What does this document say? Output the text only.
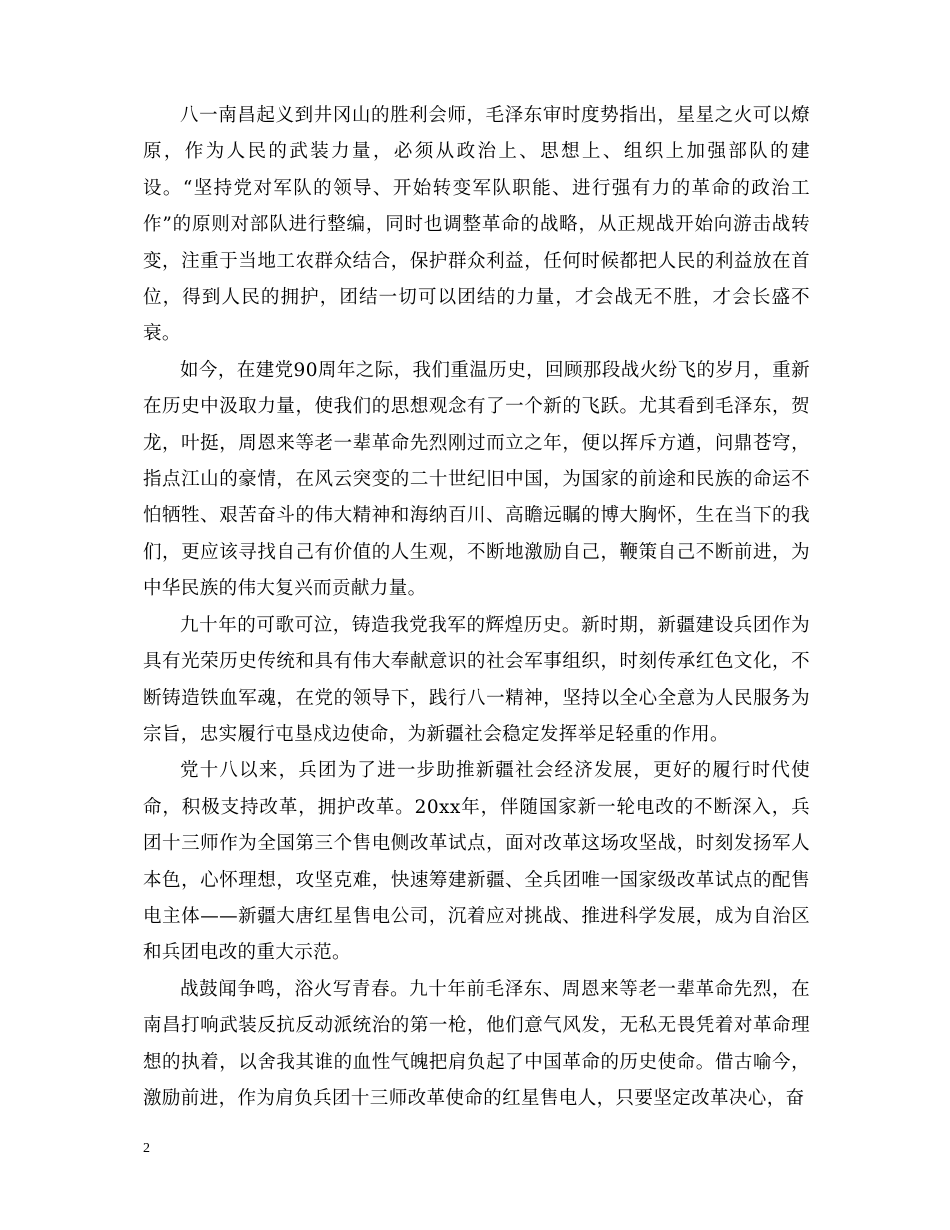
八一南昌起义到井冈山的胜利会师，毛泽东审时度势指出，星星之火可以燎原，作为人民的武装力量，必须从政治上、思想上、组织上加强部队的建设。“坚持党对军队的领导、开始转变军队职能、进行强有力的革命的政治工作”的原则对部队进行整编，同时也调整革命的战略，从正规战开始向游击战转变，注重于当地工农群众结合，保护群众利益，任何时候都把人民的利益放在首位，得到人民的拥护，团结一切可以团结的力量，才会战无不胜，才会长盛不衰。

如今，在建党90周年之际，我们重温历史，回顾那段战火纷飞的岁月，重新在历史中汲取力量，使我们的思想观念有了一个新的飞跃。尤其看到毛泽东，贺龙，叶挺，周恩来等老一辈革命先烈刚过而立之年，便以挥斥方遒，问鼎苍穹，指点江山的豪情，在风云突变的二十世纪旧中国，为国家的前途和民族的命运不怕牺牲、艰苦奋斗的伟大精神和海纳百川、高瞻远瞩的博大胸怀，生在当下的我们，更应该寻找自己有价值的人生观，不断地激励自己，鞭策自己不断前进，为中华民族的伟大复兴而贡献力量。

九十年的可歌可泣，铸造我党我军的辉煌历史。新时期，新疆建设兵团作为具有光荣历史传统和具有伟大奉献意识的社会军事组织，时刻传承红色文化，不断铸造铁血军魂，在党的领导下，践行八一精神，坚持以全心全意为人民服务为宗旨，忠实履行屯垦戍边使命，为新疆社会稳定发挥举足轻重的作用。

党十八以来，兵团为了进一步助推新疆社会经济发展，更好的履行时代使命，积极支持改革，拥护改革。20xx年，伴随国家新一轮电改的不断深入，兵团十三师作为全国第三个售电侧改革试点，面对改革这场攻坚战，时刻发扬军人本色，心怀理想，攻坚克难，快速筹建新疆、全兵团唯一国家级改革试点的配售电主体——新疆大唐红星售电公司，沉着应对挑战、推进科学发展，成为自治区和兵团电改的重大示范。

战鼓闻争鸣，浴火写青春。九十年前毛泽东、周恩来等老一辈革命先烈，在南昌打响武装反抗反动派统治的第一枪，他们意气风发，无私无畏凭着对革命理想的执着，以舍我其谁的血性气魄把肩负起了中国革命的历史使命。借古喻今，激励前进，作为肩负兵团十三师改革使命的红星售电人，只要坚定改革决心，奋

2
